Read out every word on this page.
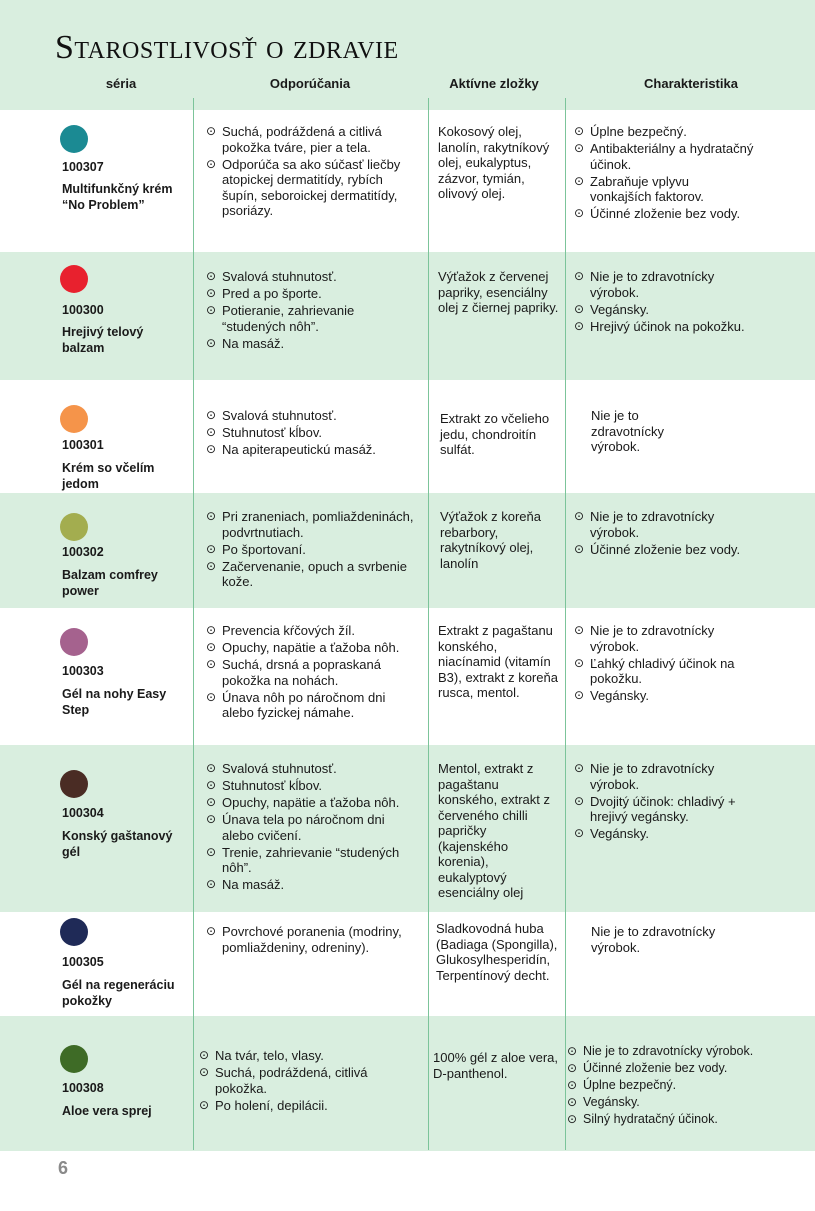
Starostlivosť o zdravie
séria	Odporúčania	Aktívne zložky	Charakteristika
100307
Multifunkčný krém “No Problem”
⊙ Suchá, podráždená a citlivá pokožka tváre, pier a tela.
⊙ Odporúča sa ako súčasť liečby atopickej dermatitídy, rybích šupín, seboroickej dermatitídy, psoriázy.
Kokosový olej, lanolín, rakytníkový olej, eukalyptus, zázvor, tymián, olivový olej.
⊙ Úplne bezpečný.
⊙ Antibakteriálny a hydratačný účinok.
⊙ Zabraňuje vplyvu vonkajších faktorov.
⊙ Účinné zloženie bez vody.
100300
Hrejivý telový balzam
⊙ Svalová stuhnutosť.
⊙ Pred a po športe.
⊙ Potieranie, zahrievanie “studených nôh”.
⊙ Na masáž.
Výťažok z červenej papriky, esenciálny olej z čiernej papriky.
⊙ Nie je to zdravotnícky výrobok.
⊙ Vegánsky.
⊙ Hrejivý účinok na pokožku.
100301
Krém so včelím jedom
⊙ Svalová stuhnutosť.
⊙ Stuhnutosť kĺbov.
⊙ Na apiterapeutickú masáž.
Extrakt zo včelieho jedu, chondroitín sulfát.
Nie je to zdravotnícky výrobok.
100302
Balzam comfrey power
⊙ Pri zraneniach, pomliaždeninách, podvrtnutiach.
⊙ Po športovaní.
⊙ Začervenanie, opuch a svrbenie kože.
Výťažok z koreňa rebarbory, rakytníkový olej, lanolín
⊙ Nie je to zdravotnícky výrobok.
⊙ Účinné zloženie bez vody.
100303
Gél na nohy Easy Step
⊙ Prevencia kŕčových žíl.
⊙ Opuchy, napätie a ťažoba nôh.
⊙ Suchá, drsná a popraskaná pokožka na nohách.
⊙ Únava nôh po náročnom dni alebo fyzickej námahe.
Extrakt z pagaštanu konského, niacínamid (vitamín B3), extrakt z koreňa rusca, mentol.
⊙ Nie je to zdravotnícky výrobok.
⊙ Ľahký chladivý účinok na pokožku.
⊙ Vegánsky.
100304
Konský gaštanový gél
⊙ Svalová stuhnutosť.
⊙ Stuhnutosť kĺbov.
⊙ Opuchy, napätie a ťažoba nôh.
⊙ Únava tela po náročnom dni alebo cvičení.
⊙ Trenie, zahrievanie “studených nôh”.
⊙ Na masáž.
Mentol, extrakt z pagaštanu konského, extrakt z červeného chilli papričky (kajenského korenia), eukalyptový esenciálny olej
⊙ Nie je to zdravotnícky výrobok.
⊙ Dvojitý účinok: chladivý + hrejivý vegánsky.
⊙ Vegánsky.
100305
Gél na regeneráciu pokožky
⊙ Povrchové poranenia (modriny, pomliaždeniny, odreniny).
Sladkovodná huba (Badiaga (Spongilla), Glukosylhesperidín, Terpentínový decht.
Nie je to zdravotnícky výrobok.
100308
Aloe vera sprej
⊙ Na tvár, telo, vlasy.
⊙ Suchá, podráždená, citlivá pokožka.
⊙ Po holení, depilácii.
100% gél z aloe vera, D-panthenol.
⊙ Nie je to zdravotnícky výrobok.
⊙ Účinné zloženie bez vody.
⊙ Úplne bezpečný.
⊙ Vegánsky.
⊙ Silný hydratačný účinok.
6
